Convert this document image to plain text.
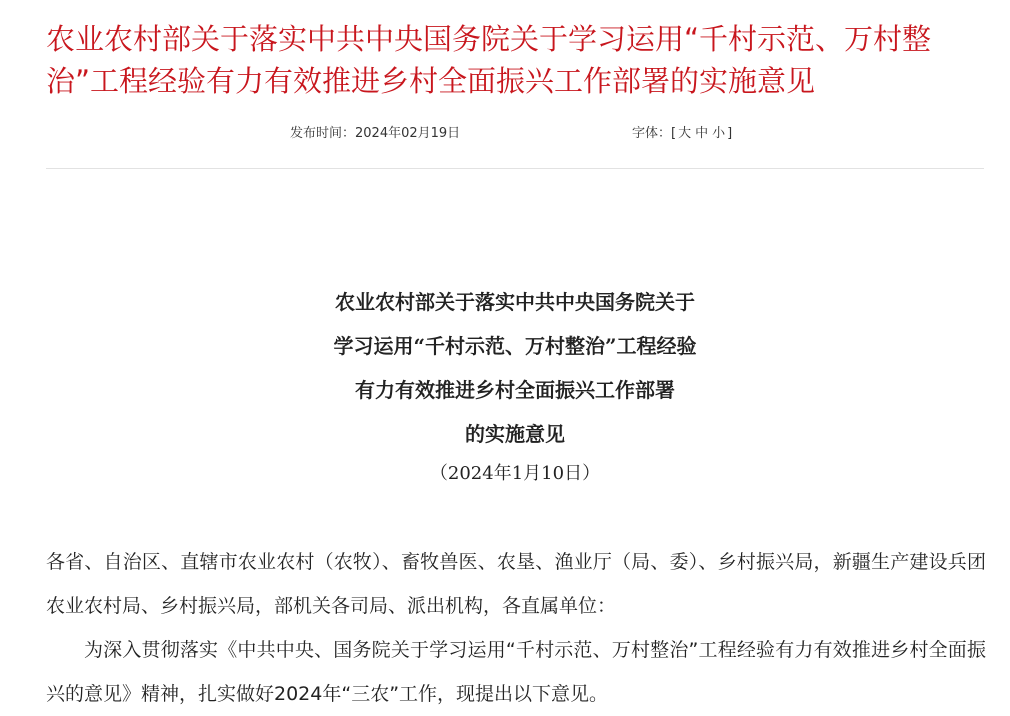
农业农村部关于落实中共中央国务院关于学习运用“千村示范、万村整治”工程经验有力有效推进乡村全面振兴工作部署的实施意见
发布时间：2024年02月19日	字体：[ 大 中 小 ]
农业农村部关于落实中共中央国务院关于
学习运用“千村示范、万村整治”工程经验
有力有效推进乡村全面振兴工作部署
的实施意见
（2024年1月10日）

各省、自治区、直辖市农业农村（农牧）、畜牧兽医、农垦、渔业厅（局、委）、乡村振兴局，新疆生产建设兵团农业农村局、乡村振兴局，部机关各司局、派出机构，各直属单位：

为深入贯彻落实《中共中央、国务院关于学习运用“千村示范、万村整治”工程经验有力有效推进乡村全面振兴的意见》精神，扎实做好2024年“三农”工作，现提出以下意见。
